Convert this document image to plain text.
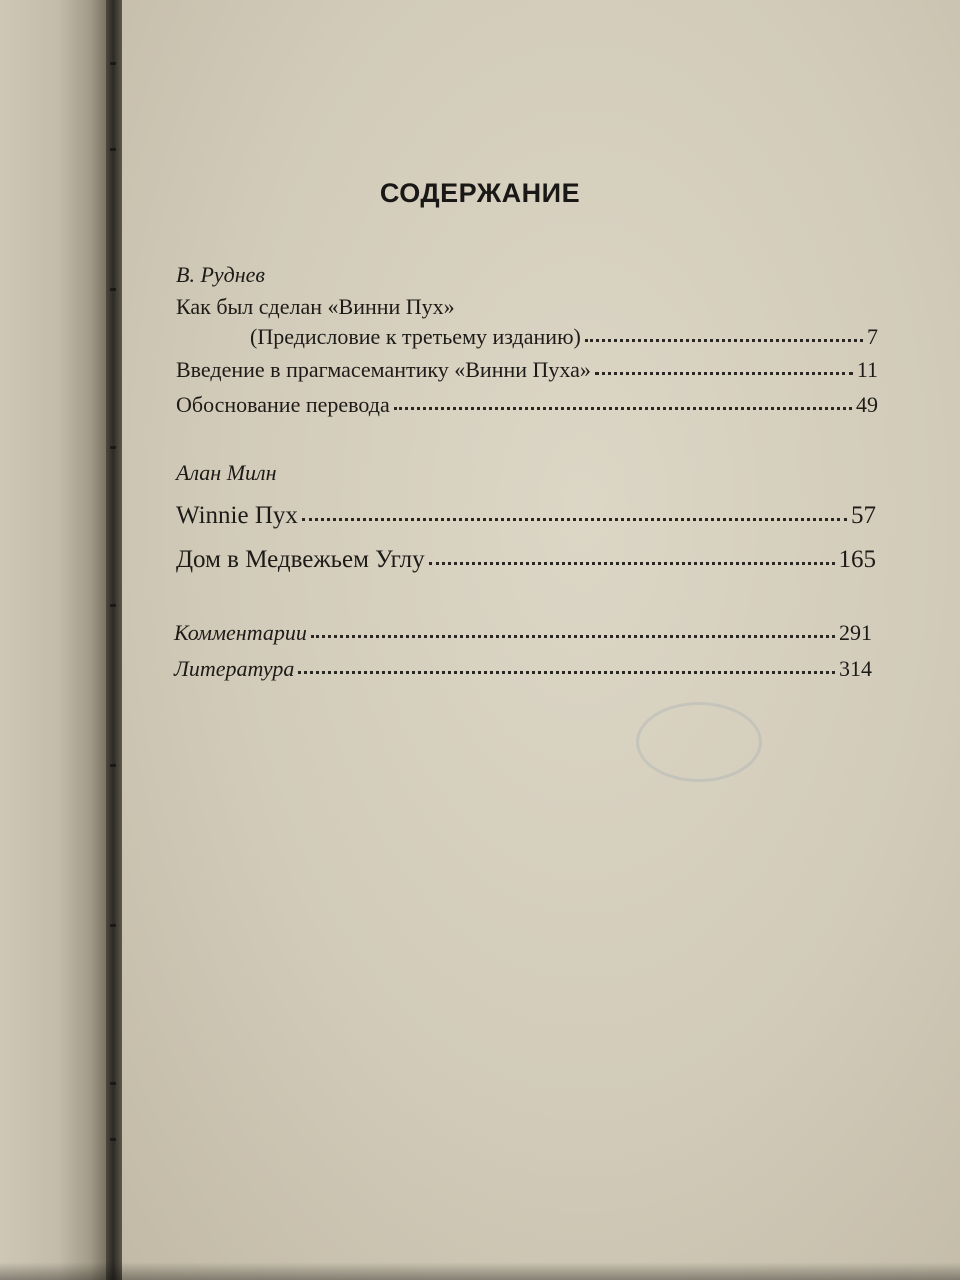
СОДЕРЖАНИЕ

В. Руднев

Как был сделан «Винни Пух»
(Предисловие к третьему изданию)	7
Введение в прагмасемантику «Винни Пуха»	11
Обоснование перевода	49

Алан Милн

Winnie Пух	57
Дом в Медвежьем Углу	165
Комментарии	291
Литература	314
